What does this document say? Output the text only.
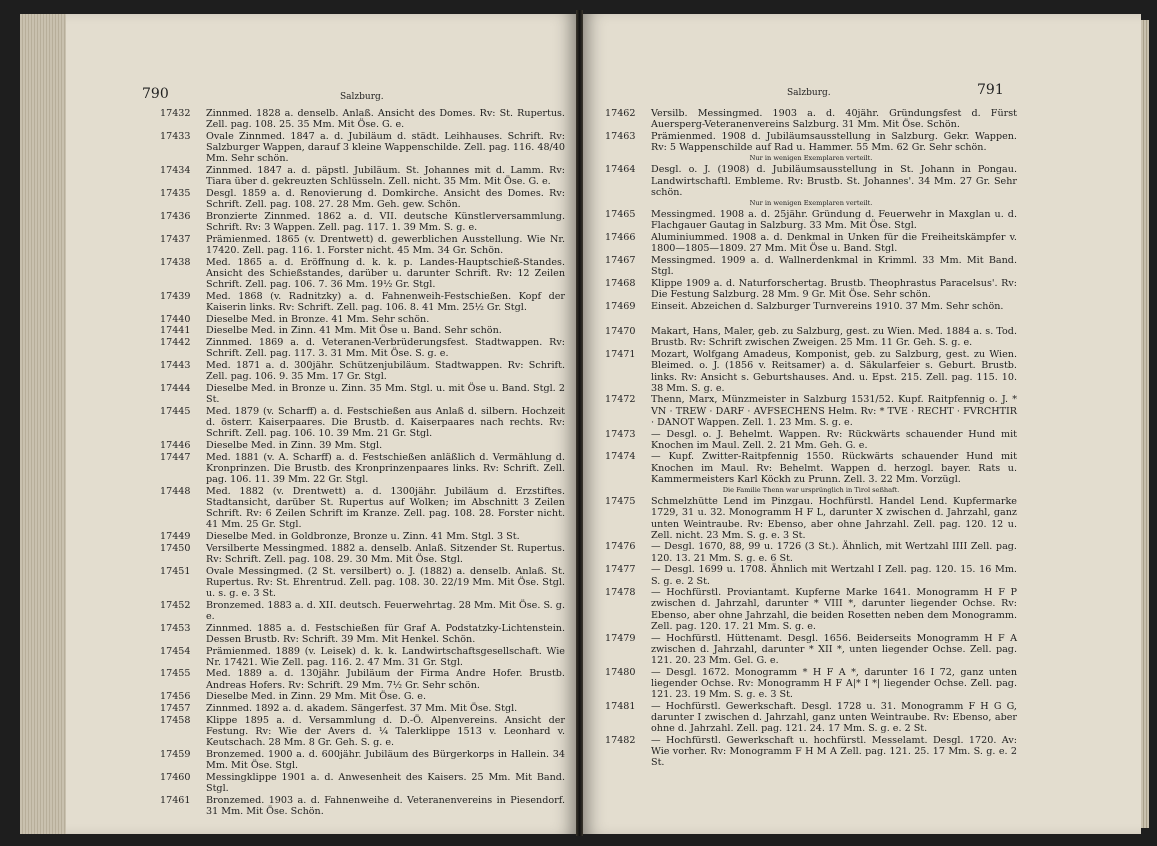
790	Salzburg.
17432	Zinnmed. 1828 a. denselb. Anlaß. Ansicht des Domes. Rv: St. Rupertus. Zell. pag. 108. 25. 35 Mm. Mit Öse. G. e.
17433	Ovale Zinnmed. 1847 a. d. Jubiläum d. städt. Leihhauses. Schrift. Rv: Salzburger Wappen, darauf 3 kleine Wappenschilde. Zell. pag. 116. 48/40 Mm. Sehr schön.
17434	Zinnmed. 1847 a. d. päpstl. Jubiläum. St. Johannes mit d. Lamm. Rv: Tiara über d. gekreuzten Schlüsseln. Zell. nicht. 35 Mm. Mit Öse. G. e.
17435	Desgl. 1859 a. d. Renovierung d. Domkirche. Ansicht des Domes. Rv: Schrift. Zell. pag. 108. 27. 28 Mm. Geh. gew. Schön.
17436	Bronzierte Zinnmed. 1862 a. d. VII. deutsche Künstlerversammlung. Schrift. Rv: 3 Wappen. Zell. pag. 117. 1. 39 Mm. S. g. e.
17437	Prämienmed. 1865 (v. Drentwett) d. gewerblichen Ausstellung. Wie Nr. 17420. Zell. pag. 116. 1. Forster nicht. 45 Mm. 34 Gr. Schön.
17438	Med. 1865 a. d. Eröffnung d. k. k. p. Landes-Hauptschieß-Standes. Ansicht des Schießstandes, darüber u. darunter Schrift. Rv: 12 Zeilen Schrift. Zell. pag. 106. 7. 36 Mm. 19½ Gr. Stgl.
17439	Med. 1868 (v. Radnitzky) a. d. Fahnenweih-Festschießen. Kopf der Kaiserin links. Rv: Schrift. Zell. pag. 106. 8. 41 Mm. 25½ Gr. Stgl.
17440	Dieselbe Med. in Bronze. 41 Mm. Sehr schön.
17441	Dieselbe Med. in Zinn. 41 Mm. Mit Öse u. Band. Sehr schön.
17442	Zinnmed. 1869 a. d. Veteranen-Verbrüderungsfest. Stadtwappen. Rv: Schrift. Zell. pag. 117. 3. 31 Mm. Mit Öse. S. g. e.
17443	Med. 1871 a. d. 300jähr. Schützenjubiläum. Stadtwappen. Rv: Schrift. Zell. pag. 106. 9. 35 Mm. 17 Gr. Stgl.
17444	Dieselbe Med. in Bronze u. Zinn. 35 Mm. Stgl. u. mit Öse u. Band. Stgl. 2 St.
17445	Med. 1879 (v. Scharff) a. d. Festschießen aus Anlaß d. silbern. Hochzeit d. österr. Kaiserpaares. Die Brustb. d. Kaiserpaares nach rechts. Rv: Schrift. Zell. pag. 106. 10. 39 Mm. 21 Gr. Stgl.
17446	Dieselbe Med. in Zinn. 39 Mm. Stgl.
17447	Med. 1881 (v. A. Scharff) a. d. Festschießen anläßlich d. Vermählung d. Kronprinzen. Die Brustb. des Kronprinzenpaares links. Rv: Schrift. Zell. pag. 106. 11. 39 Mm. 22 Gr. Stgl.
17448	Med. 1882 (v. Drentwett) a. d. 1300jähr. Jubiläum d. Erzstiftes. Stadtansicht, darüber St. Rupertus auf Wolken; im Abschnitt 3 Zeilen Schrift. Rv: 6 Zeilen Schrift im Kranze. Zell. pag. 108. 28. Forster nicht. 41 Mm. 25 Gr. Stgl.
17449	Dieselbe Med. in Goldbronze, Bronze u. Zinn. 41 Mm. Stgl. 3 St.
17450	Versilberte Messingmed. 1882 a. denselb. Anlaß. Sitzender St. Rupertus. Rv: Schrift. Zell. pag. 108. 29. 30 Mm. Mit Öse. Stgl.
17451	Ovale Messingmed. (2 St. versilbert) o. J. (1882) a. denselb. Anlaß. St. Rupertus. Rv: St. Ehrentrud. Zell. pag. 108. 30. 22/19 Mm. Mit Öse. Stgl. u. s. g. e. 3 St.
17452	Bronzemed. 1883 a. d. XII. deutsch. Feuerwehrtag. 28 Mm. Mit Öse. S. g. e.
17453	Zinnmed. 1885 a. d. Festschießen für Graf A. Podstatzky-Lichtenstein. Dessen Brustb. Rv: Schrift. 39 Mm. Mit Henkel. Schön.
17454	Prämienmed. 1889 (v. Leisek) d. k. k. Landwirtschaftsgesellschaft. Wie Nr. 17421. Wie Zell. pag. 116. 2. 47 Mm. 31 Gr. Stgl.
17455	Med. 1889 a. d. 130jähr. Jubiläum der Firma Andre Hofer. Brustb. Andreas Hofers. Rv: Schrift. 29 Mm. 7½ Gr. Sehr schön.
17456	Dieselbe Med. in Zinn. 29 Mm. Mit Öse. G. e.
17457	Zinnmed. 1892 a. d. akadem. Sängerfest. 37 Mm. Mit Öse. Stgl.
17458	Klippe 1895 a. d. Versammlung d. D.-Ö. Alpenvereins. Ansicht der Festung. Rv: Wie der Avers d. ¼ Talerklippe 1513 v. Leonhard v. Keutschach. 28 Mm. 8 Gr. Geh. S. g. e.
17459	Bronzemed. 1900 a. d. 600jähr. Jubiläum des Bürgerkorps in Hallein. 34 Mm. Mit Öse. Stgl.
17460	Messingklippe 1901 a. d. Anwesenheit des Kaisers. 25 Mm. Mit Band. Stgl.
17461	Bronzemed. 1903 a. d. Fahnenweihe d. Veteranenvereins in Piesendorf. 31 Mm. Mit Öse. Schön.
Salzburg.	791
17462	Versilb. Messingmed. 1903 a. d. 40jähr. Gründungsfest d. Fürst Auersperg-Veteranenvereins Salzburg. 31 Mm. Mit Öse. Schön.
17463	Prämienmed. 1908 d. Jubiläumsausstellung in Salzburg. Gekr. Wappen. Rv: 5 Wappenschilde auf Rad u. Hammer. 55 Mm. 62 Gr. Sehr schön.
Nur in wenigen Exemplaren verteilt.
17464	Desgl. o. J. (1908) d. Jubiläumsausstellung in St. Johann in Pongau. Landwirtschaftl. Embleme. Rv: Brustb. St. Johannes'. 34 Mm. 27 Gr. Sehr schön.
Nur in wenigen Exemplaren verteilt.
17465	Messingmed. 1908 a. d. 25jähr. Gründung d. Feuerwehr in Maxglan u. d. Flachgauer Gautag in Salzburg. 33 Mm. Mit Öse. Stgl.
17466	Aluminiummed. 1908 a. d. Denkmal in Unken für die Freiheitskämpfer v. 1800—1805—1809. 27 Mm. Mit Öse u. Band. Stgl.
17467	Messingmed. 1909 a. d. Wallnerdenkmal in Krimml. 33 Mm. Mit Band. Stgl.
17468	Klippe 1909 a. d. Naturforschertag. Brustb. Theophrastus Paracelsus'. Rv: Die Festung Salzburg. 28 Mm. 9 Gr. Mit Öse. Sehr schön.
17469	Einseit. Abzeichen d. Salzburger Turnvereins 1910. 37 Mm. Sehr schön.
17470	Makart, Hans, Maler, geb. zu Salzburg, gest. zu Wien. Med. 1884 a. s. Tod. Brustb. Rv: Schrift zwischen Zweigen. 25 Mm. 11 Gr. Geh. S. g. e.
17471	Mozart, Wolfgang Amadeus, Komponist, geb. zu Salzburg, gest. zu Wien. Bleimed. o. J. (1856 v. Reitsamer) a. d. Säkularfeier s. Geburt. Brustb. links. Rv: Ansicht s. Geburtshauses. And. u. Epst. 215. Zell. pag. 115. 10. 38 Mm. S. g. e.
17472	Thenn, Marx, Münzmeister in Salzburg 1531/52. Kupf. Raitpfennig o. J. * VN · TREW · DARF · AVFSECHENS Helm. Rv: * TVE · RECHT · FVRCHTIR · DANOT Wappen. Zell. 1. 23 Mm. S. g. e.
17473	— Desgl. o. J. Behelmt. Wappen. Rv: Rückwärts schauender Hund mit Knochen im Maul. Zell. 2. 21 Mm. Geh. G. e.
17474	— Kupf. Zwitter-Raitpfennig 1550. Rückwärts schauender Hund mit Knochen im Maul. Rv: Behelmt. Wappen d. herzogl. bayer. Rats u. Kammermeisters Karl Köckh zu Prunn. Zell. 3. 22 Mm. Vorzügl.
Die Familie Thenn war ursprünglich in Tirol seßhaft.
17475	Schmelzhütte Lend im Pinzgau. Hochfürstl. Handel Lend. Kupfermarke 1729, 31 u. 32. Monogramm H F L, darunter X zwischen d. Jahrzahl, ganz unten Weintraube. Rv: Ebenso, aber ohne Jahrzahl. Zell. pag. 120. 12 u. Zell. nicht. 23 Mm. S. g. e. 3 St.
17476	— Desgl. 1670, 88, 99 u. 1726 (3 St.). Ähnlich, mit Wertzahl IIII Zell. pag. 120. 13. 21 Mm. S. g. e. 6 St.
17477	— Desgl. 1699 u. 1708. Ähnlich mit Wertzahl I Zell. pag. 120. 15. 16 Mm. S. g. e. 2 St.
17478	— Hochfürstl. Proviantamt. Kupferne Marke 1641. Monogramm H F P zwischen d. Jahrzahl, darunter * VIII *, darunter liegender Ochse. Rv: Ebenso, aber ohne Jahrzahl, die beiden Rosetten neben dem Monogramm. Zell. pag. 120. 17. 21 Mm. S. g. e.
17479	— Hochfürstl. Hüttenamt. Desgl. 1656. Beiderseits Monogramm H F A zwischen d. Jahrzahl, darunter * XII *, unten liegender Ochse. Zell. pag. 121. 20. 23 Mm. Gel. G. e.
17480	— Desgl. 1672. Monogramm * H F A *, darunter 16 I 72, ganz unten liegender Ochse. Rv: Monogramm H F A|* I *| liegender Ochse. Zell. pag. 121. 23. 19 Mm. S. g. e. 3 St.
17481	— Hochfürstl. Gewerkschaft. Desgl. 1728 u. 31. Monogramm F H G G, darunter I zwischen d. Jahrzahl, ganz unten Weintraube. Rv: Ebenso, aber ohne d. Jahrzahl. Zell. pag. 121. 24. 17 Mm. S. g. e. 2 St.
17482	— Hochfürstl. Gewerkschaft u. hochfürstl. Messelamt. Desgl. 1720. Av: Wie vorher. Rv: Monogramm F H M A Zell. pag. 121. 25. 17 Mm. S. g. e. 2 St.
